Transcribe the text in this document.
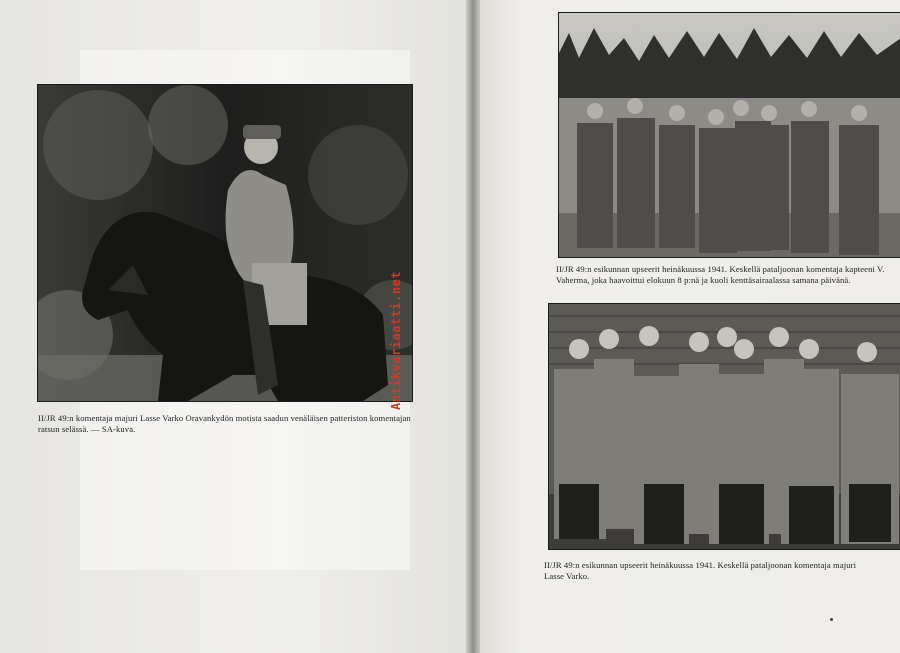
II/JR 49:n komentaja majuri Lasse Varko Oravankydön motista saadun venäläisen patteriston komentajan ratsun selässä. — SA-kuva.
Antikvariaatti.net
II/JR 49:n esikunnan upseerit heinäkuussa 1941. Keskellä pataljoonan komentaja kapteeni V. Vaherma, joka haavoittui elokuun 8 p:nä ja kuoli kenttäsairaalassa samana päivänä.
II/JR 49:n esikunnan upseerit heinäkuussa 1941. Keskellä pataljoonan komentaja majuri Lasse Varko.
